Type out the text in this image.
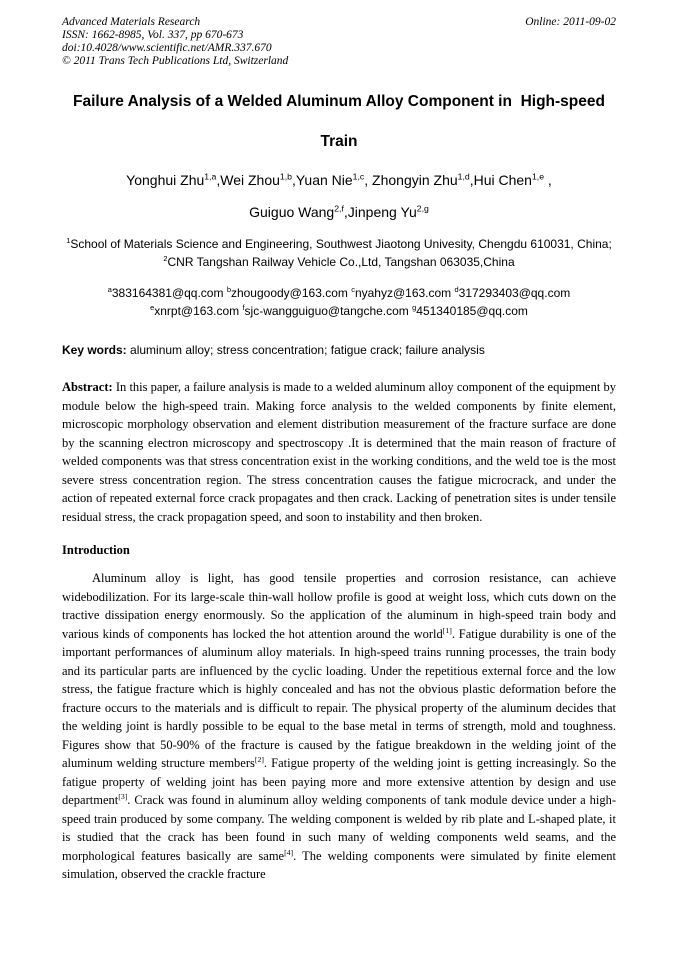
Advanced Materials Research
ISSN: 1662-8985, Vol. 337, pp 670-673
doi:10.4028/www.scientific.net/AMR.337.670
© 2011 Trans Tech Publications Ltd, Switzerland
Online: 2011-09-02
Failure Analysis of a Welded Aluminum Alloy Component in  High-speed
Train
Yonghui Zhu$^{1,a}$,Wei Zhou$^{1,b}$,Yuan Nie$^{1,c}$, Zhongyin Zhu$^{1,d}$,Hui Chen$^{1,e}$ ,
Guiguo Wang$^{2,f}$,Jinpeng Yu$^{2,g}$

$^1$School of Materials Science and Engineering, Southwest Jiaotong Univesity, Chengdu 610031, China; $^2$CNR Tangshan Railway Vehicle Co.,Ltd, Tangshan 063035,China

$^a$383164381@qq.com $^b$zhougoody@163.com $^c$nyahyz@163.com $^d$317293403@qq.com
$^e$xnrpt@163.com $^f$sjc-wangguiguo@tangche.com $^g$451340185@qq.com

Key words: aluminum alloy; stress concentration; fatigue crack; failure analysis

Abstract: In this paper, a failure analysis is made to a welded aluminum alloy component of the equipment by module below the high-speed train. Making force analysis to the welded components by finite element, microscopic morphology observation and element distribution measurement of the fracture surface are done by the scanning electron microscopy and spectroscopy .It is determined that the main reason of fracture of welded components was that stress concentration exist in the working conditions, and the weld toe is the most severe stress concentration region. The stress concentration causes the fatigue microcrack, and under the action of repeated external force crack propagates and then crack. Lacking of penetration sites is under tensile residual stress, the crack propagation speed, and soon to instability and then broken.

Introduction

Aluminum alloy is light, has good tensile properties and corrosion resistance, can achieve widebodilization. For its large-scale thin-wall hollow profile is good at weight loss, which cuts down on the tractive dissipation energy enormously. So the application of the aluminum in high-speed train body and various kinds of components has locked the hot attention around the world[1]. Fatigue durability is one of the important performances of aluminum alloy materials. In high-speed trains running processes, the train body and its particular parts are influenced by the cyclic loading. Under the repetitious external force and the low stress, the fatigue fracture which is highly concealed and has not the obvious plastic deformation before the fracture occurs to the materials and is difficult to repair. The physical property of the aluminum decides that the welding joint is hardly possible to be equal to the base metal in terms of strength, mold and toughness. Figures show that 50-90% of the fracture is caused by the fatigue breakdown in the welding joint of the aluminum welding structure members[2]. Fatigue property of the welding joint is getting increasingly. So the fatigue property of welding joint has been paying more and more extensive attention by design and use department[3]. Crack was found in aluminum alloy welding components of tank module device under a high-speed train produced by some company. The welding component is welded by rib plate and L-shaped plate, it is studied that the crack has been found in such many of welding components weld seams, and the morphological features basically are same[4]. The welding components were simulated by finite element simulation, observed the crackle fracture
